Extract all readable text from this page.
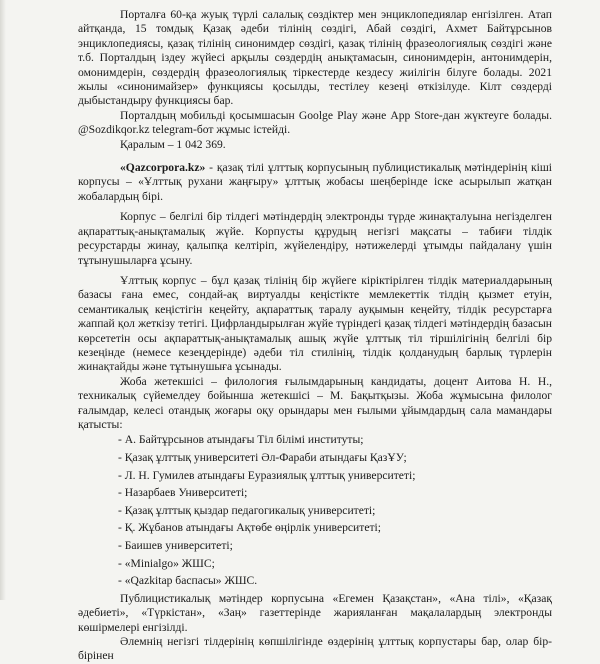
Порталға 60-қа жуық түрлі салалық сөздіктер мен энциклопедиялар енгізілген. Атап айтқанда, 15 томдық Қазақ әдеби тілінің сөздігі, Абай сөздігі, Ахмет Байтұрсынов энциклопедиясы, қазақ тілінің синонимдер сөздігі, қазақ тілінің фразеологиялық сөздігі және т.б. Порталдың іздеу жүйесі арқылы сөздердің анықтамасын, синонимдерін, антонимдерін, омонимдерін, сөздердің фразеологиялық тіркестерде кездесу жиілігін білуге болады. 2021 жылы «синонимайзер» функциясы қосылды, тестілеу кезеңі өткізілуде. Кілт сөздерді дыбыстандыру функциясы бар.

Порталдың мобильді қосымшасын Goolge Play және App Store-дан жүктеуге болады. @Sozdikqor.kz telegram-бот жұмыс істейді.

Қаралым – 1 042 369.

«Qazcorpora.kz» - қазақ тілі ұлттық корпусының публицистикалық мәтіндерінің кіші корпусы – «Ұлттық рухани жаңғыру» ұлттық жобасы шеңберінде іске асырылып жатқан жобалардың бірі.

Корпус – белгілі бір тілдегі мәтіндердің электронды түрде жинақталуына негізделген ақпараттық-анықтамалық жүйе. Корпусты құрудың негізгі мақсаты – табиғи тілдік ресурстарды жинау, қалыпқа келтіріп, жүйелендіру, нәтижелерді ұтымды пайдалану үшін тұтынушыларға ұсыну.

Ұлттық корпус – бұл қазақ тілінің бір жүйеге кіріктірілген тілдік материалдарының базасы ғана емес, сондай-ақ виртуалды кеңістікте мемлекеттік тілдің қызмет етуін, семантикалық кеңістігін кеңейту, ақпараттық таралу ауқымын кеңейту, тілдік ресурстарға жаппай қол жеткізу тетігі. Цифрландырылған жүйе түріндегі қазақ тілдегі мәтіндердің базасын көрсететін осы ақпараттық-анықтамалық ашық жүйе ұлттық тіл тіршілігінің белгілі бір кезеңінде (немесе кезеңдерінде) әдеби тіл стилінің, тілдік қолданудың барлық түрлерін жинақтайды және тұтынушыға ұсынады.

Жоба жетекшісі – филология ғылымдарының кандидаты, доцент Аитова Н. Н., техникалық сүйемелдеу бойынша жетекшісі – М. Бақытқызы. Жоба жұмысына филолог ғалымдар, келесі отандық жоғары оқу орындары мен ғылыми ұйымдардың сала мамандары қатысты:

- А. Байтұрсынов атындағы Тіл білімі институты;
- Қазақ ұлттық университеті Әл-Фараби атындағы ҚазҰУ;
- Л. Н. Гумилев атындағы Еуразиялық ұлттық университеті;
- Назарбаев Университеті;
- Қазақ ұлттық қыздар педагогикалық университеті;
- Қ. Жұбанов атындағы Ақтөбе өңірлік университеті;
- Баишев университеті;
- «Minialgo» ЖШС;
- «Qazkitap баспасы» ЖШС.

Публицистикалық мәтіндер корпусына «Егемен Қазақстан», «Ана тілі», «Қазақ әдебиеті», «Түркістан», «Заң» газеттерінде жарияланған мақалалардың электронды көшірмелері енгізілді.

Әлемнің негізгі тілдерінің көпшілігінде өздерінің ұлттық корпустары бар, олар бір-бірінен
